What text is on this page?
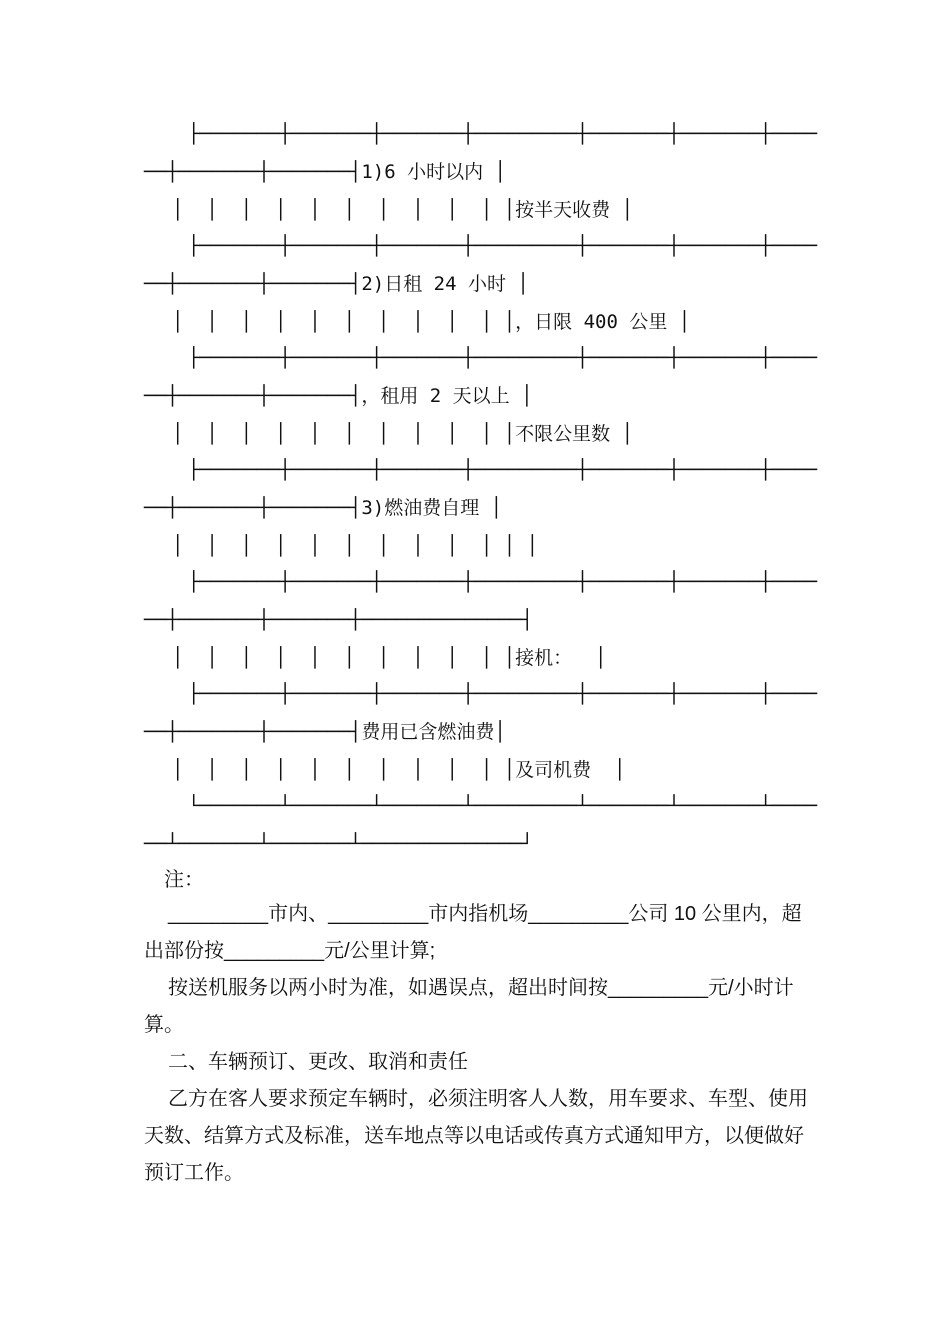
├───────┼───────┼───────┼─────────┼───────┼───────┼────
──┼───────┼───────┤1)6 小时以内 │
│  │  │  │  │  │  │  │  │  │ │按半天收费 │
├───────┼───────┼───────┼─────────┼───────┼───────┼────
──┼───────┼───────┤2)日租 24 小时 │
│  │  │  │  │  │  │  │  │  │ │，日限 400 公里 │
├───────┼───────┼───────┼─────────┼───────┼───────┼────
──┼───────┼───────┤，租用 2 天以上 │
│  │  │  │  │  │  │  │  │  │ │不限公里数 │
├───────┼───────┼───────┼─────────┼───────┼───────┼────
──┼───────┼───────┤3)燃油费自理 │
│  │  │  │  │  │  │  │  │  │ │ │
├───────┼───────┼───────┼─────────┼───────┼───────┼────
──┼───────┼───────┼──────────────┤
│  │  │  │  │  │  │  │  │  │ │接机：  │
├───────┼───────┼───────┼─────────┼───────┼───────┼────
──┼───────┼───────┤费用已含燃油费│
│  │  │  │  │  │  │  │  │  │ │及司机费  │
└───────┴───────┴───────┴─────────┴───────┴───────┴────
──┴───────┴───────┴──────────────┘
注：
_________市内、_________市内指机场_________公司 10 公里内，超出部份按_________元/公里计算;
按送机服务以两小时为准，如遇误点，超出时间按_________元/小时计算。
二、车辆预订、更改、取消和责任
乙方在客人要求预定车辆时，必须注明客人人数，用车要求、车型、使用天数、结算方式及标准，送车地点等以电话或传真方式通知甲方，以便做好预订工作。
